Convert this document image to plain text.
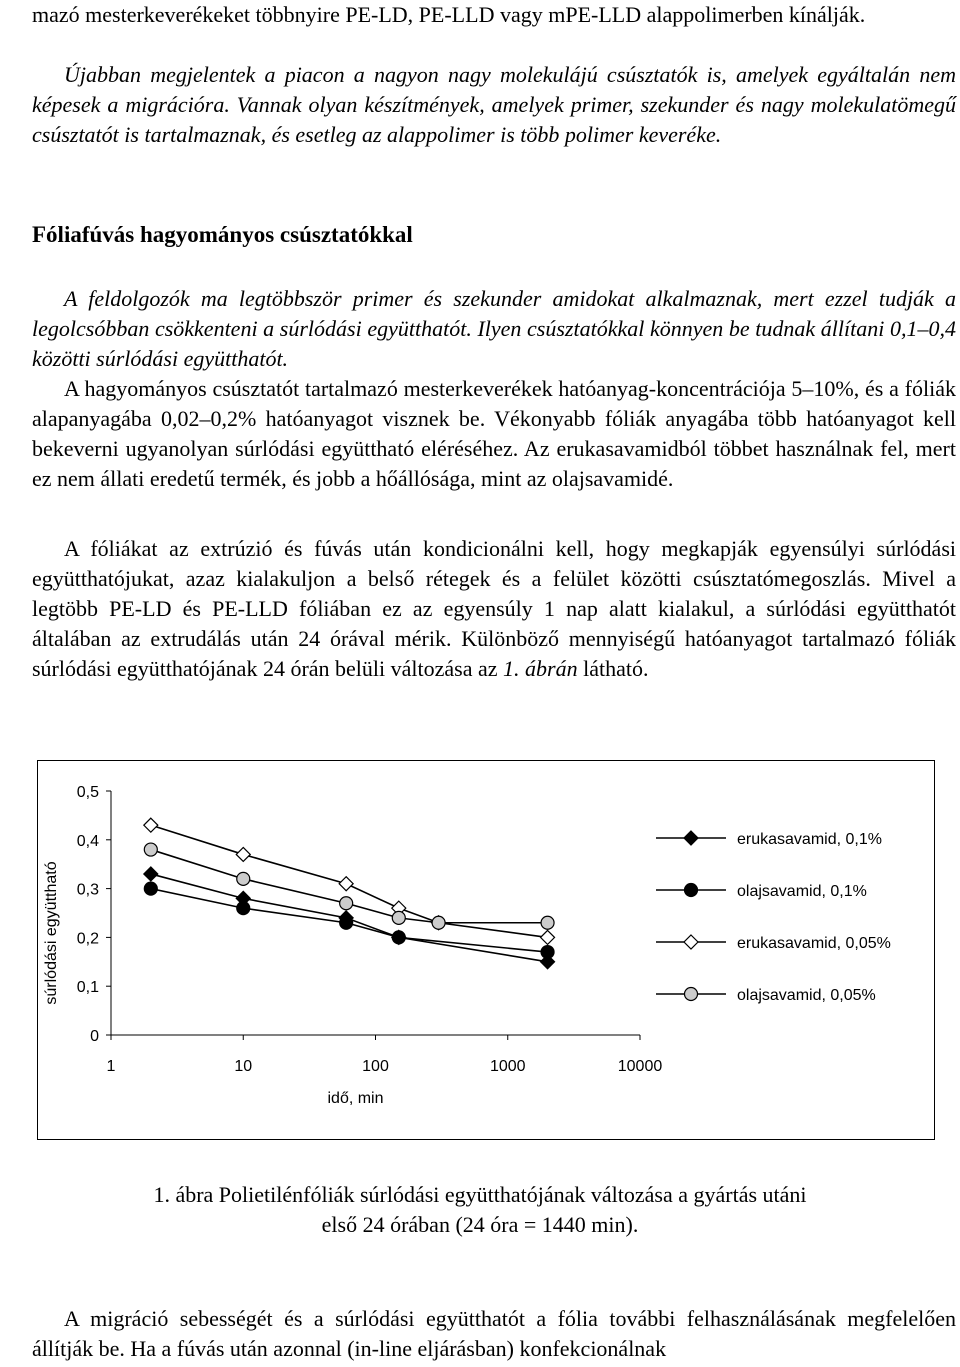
mazó mesterkeverékeket többnyire PE-LD, PE-LLD vagy mPE-LLD alappolimerben kínálják.

Újabban megjelentek a piacon a nagyon nagy molekulájú csúsztatók is, amelyek egyáltalán nem képesek a migrációra. Vannak olyan készítmények, amelyek primer, szekunder és nagy molekulatömegű csúsztatót is tartalmaznak, és esetleg az alappolimer is több polimer keveréke.

Fóliafúvás hagyományos csúsztatókkal

A feldolgozók ma legtöbbször primer és szekunder amidokat alkalmaznak, mert ezzel tudják a legolcsóbban csökkenteni a súrlódási együtthatót. Ilyen csúsztatókkal könnyen be tudnak állítani 0,1–0,4 közötti súrlódási együtthatót.

A hagyományos csúsztatót tartalmazó mesterkeverékek hatóanyag-koncentrációja 5–10%, és a fóliák alapanyagába 0,02–0,2% hatóanyagot visznek be. Vékonyabb fóliák anyagába több hatóanyagot kell bekeverni ugyanolyan súrlódási együttható eléréséhez. Az erukasavamidból többet használnak fel, mert ez nem állati eredetű termék, és jobb a hőállósága, mint az olajsavamidé.

A fóliákat az extrúzió és fúvás után kondicionálni kell, hogy megkapják egyensúlyi súrlódási együtthatójukat, azaz kialakuljon a belső rétegek és a felület közötti csúsztatómegoszlás. Mivel a legtöbb PE-LD és PE-LLD fóliában ez az egyensúly 1 nap alatt kialakul, a súrlódási együtthatót általában az extrudálás után 24 órával mérik. Különböző mennyiségű hatóanyagot tartalmazó fóliák súrlódási együtthatójának 24 órán belüli változása az 1. ábrán látható.

0
0,1
0,2
0,3
0,4
0,5
1	10	100	1000	10000
idő, min
súrlódási együttható
erukasavamid, 0,1%
olajsavamid, 0,1%
erukasavamid, 0,05%
olajsavamid, 0,05%
1. ábra Polietilénfóliák súrlódási együtthatójának változása a gyártás utáni
első 24 órában (24 óra = 1440 min).

A migráció sebességét és a súrlódási együtthatót a fólia további felhasználásának megfelelően állítják be. Ha a fúvás után azonnal (in-line eljárásban) konfekcionálnak
